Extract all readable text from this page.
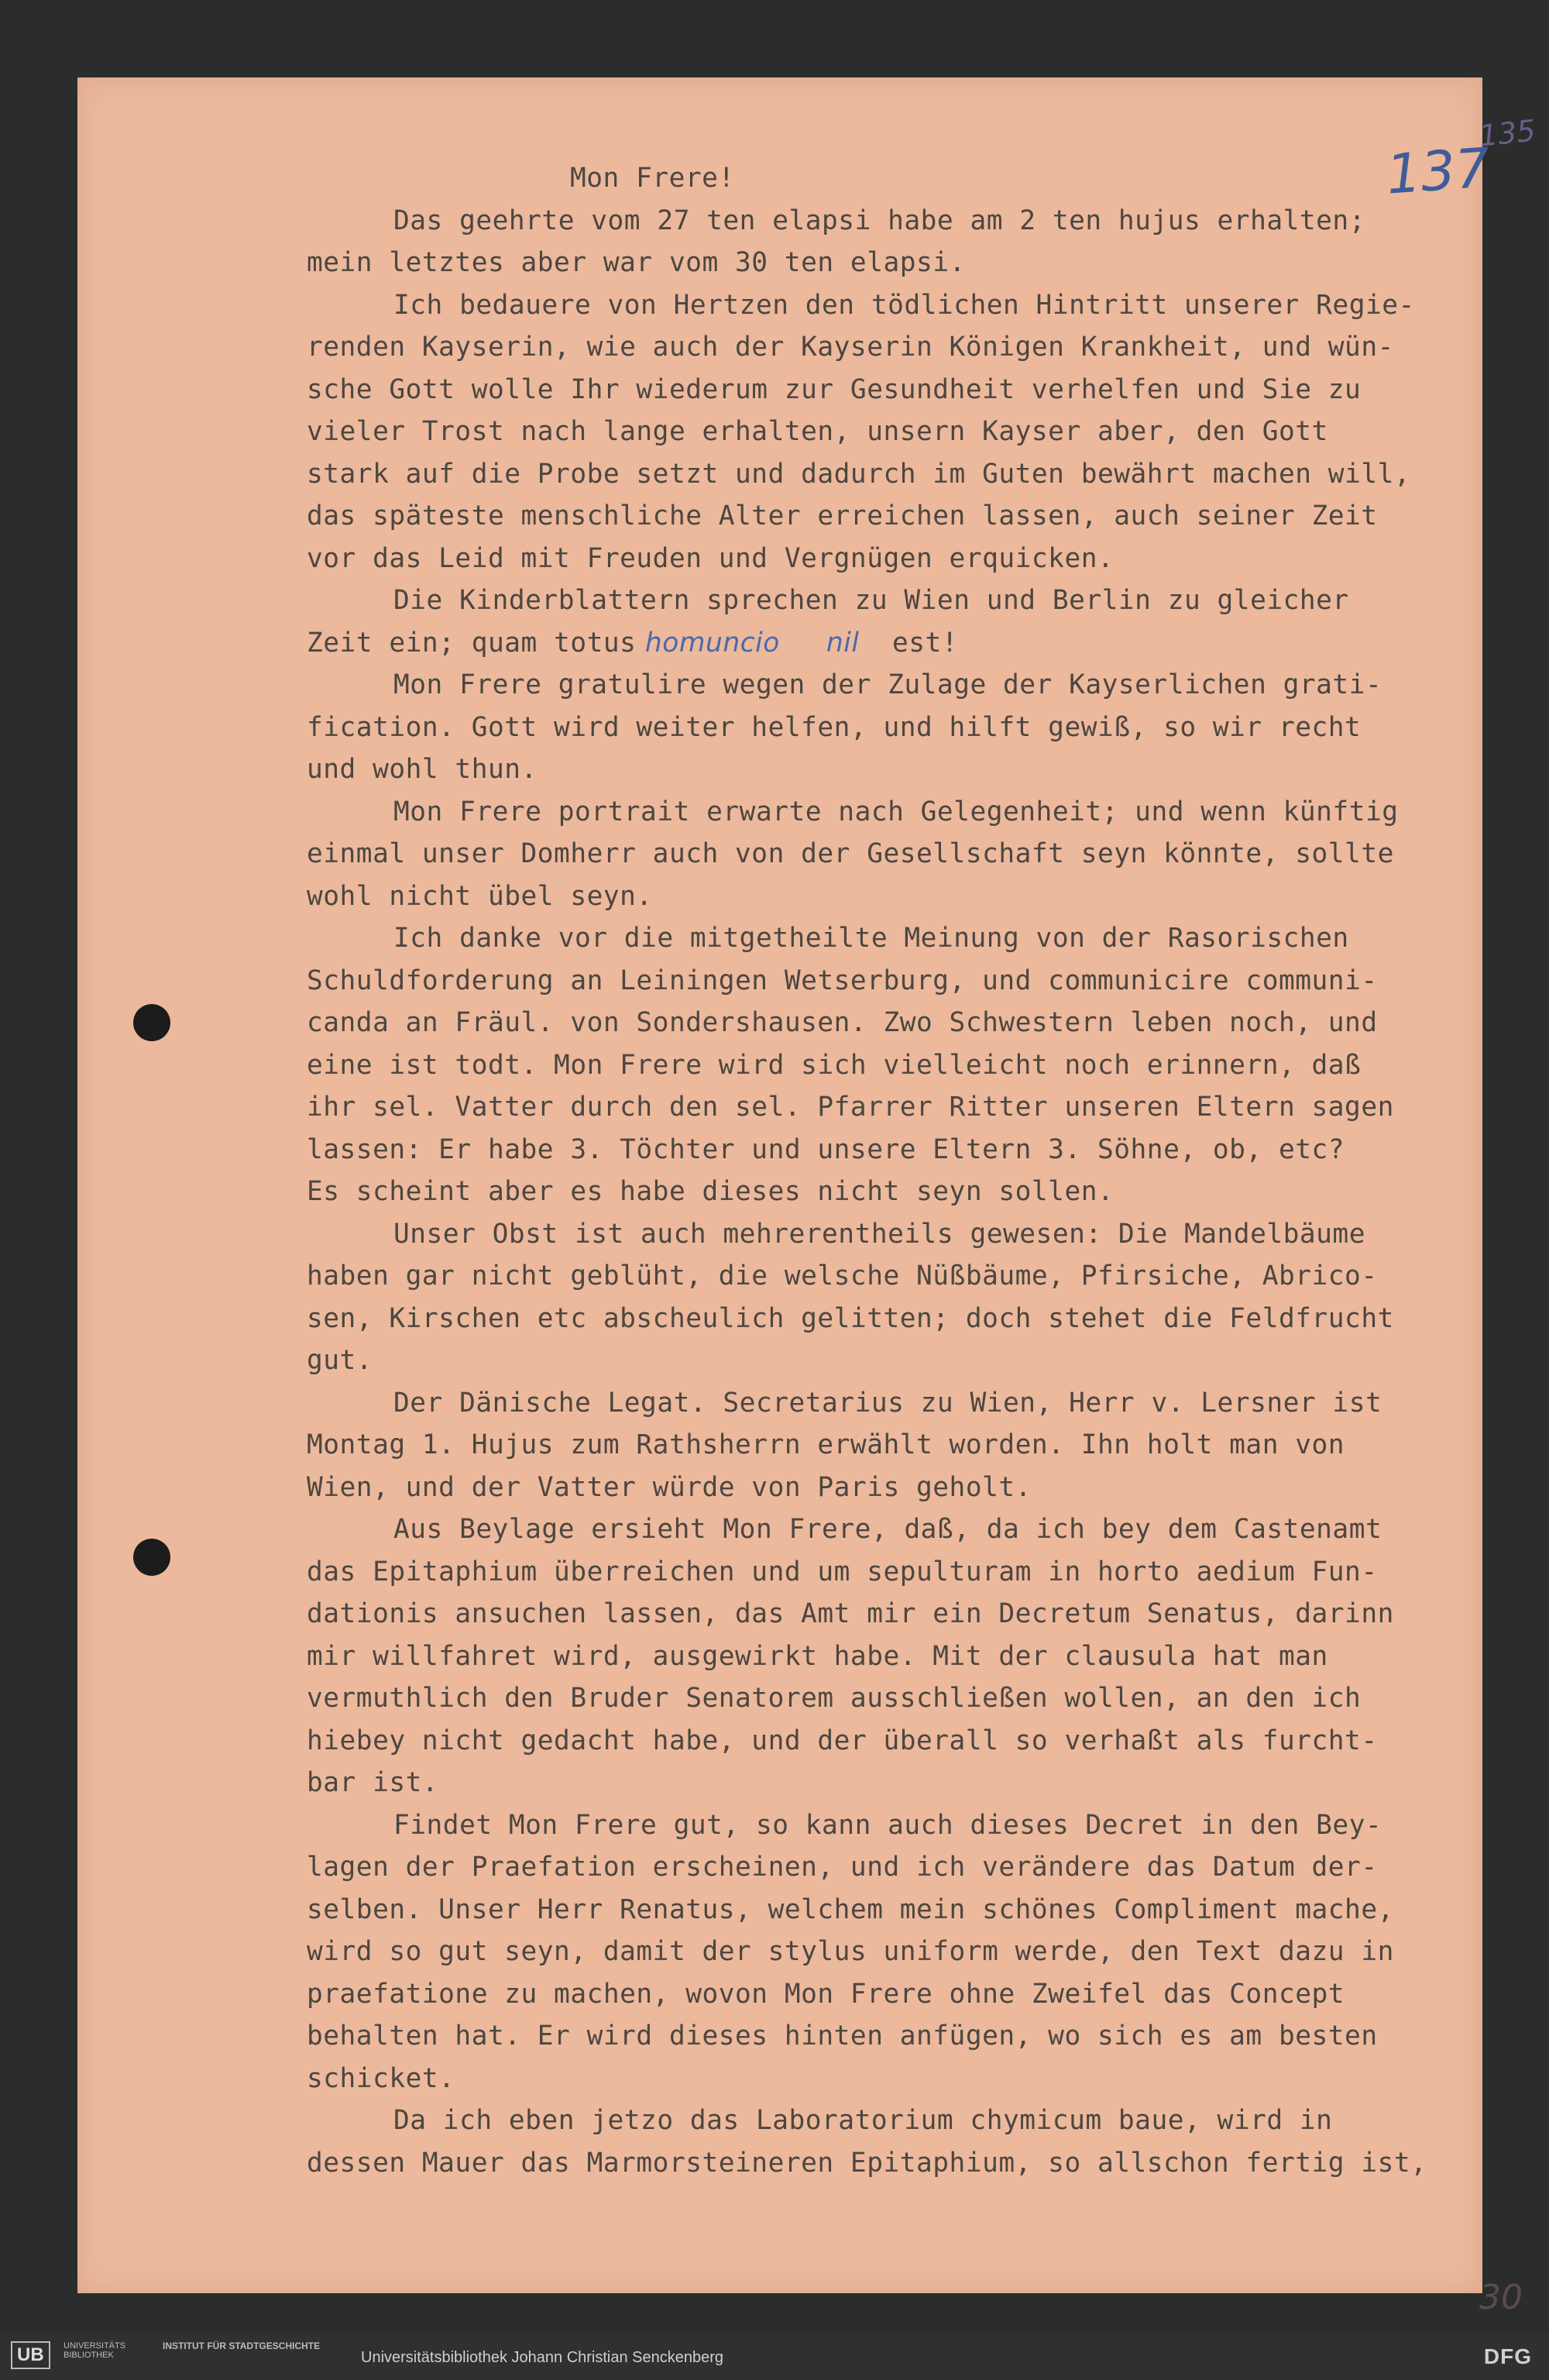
137
135
30
Mon Frere!
Das geehrte vom 27 ten elapsi habe am 2 ten hujus erhalten;
mein letztes aber war vom 30 ten elapsi.
Ich bedauere von Hertzen den tödlichen Hintritt unserer Regie-
renden Kayserin, wie auch der Kayserin Königen Krankheit, und wün-
sche Gott wolle Ihr wiederum zur Gesundheit verhelfen und Sie zu
vieler Trost nach lange erhalten, unsern Kayser aber, den Gott
stark auf die Probe setzt und dadurch im Guten bewährt machen will,
das späteste menschliche Alter erreichen lassen, auch seiner Zeit
vor das Leid mit Freuden und Vergnügen erquicken.
Die Kinderblattern sprechen zu Wien und Berlin zu gleicher
Zeit ein; quam totus homuncio nil  est!
Mon Frere gratulire wegen der Zulage der Kayserlichen grati-
fication. Gott wird weiter helfen, und hilft gewiß, so wir recht
und wohl thun.
Mon Frere portrait erwarte nach Gelegenheit; und wenn künftig
einmal unser Domherr auch von der Gesellschaft seyn könnte, sollte
wohl nicht übel seyn.
Ich danke vor die mitgetheilte Meinung von der Rasorischen
Schuldforderung an Leiningen Wetserburg, und communicire communi-
canda an Fräul. von Sondershausen. Zwo Schwestern leben noch, und
eine ist todt. Mon Frere wird sich vielleicht noch erinnern, daß
ihr sel. Vatter durch den sel. Pfarrer Ritter unseren Eltern sagen
lassen: Er habe 3. Töchter und unsere Eltern 3. Söhne, ob, etc?
Es scheint aber es habe dieses nicht seyn sollen.
Unser Obst ist auch mehrerentheils gewesen: Die Mandelbäume
haben gar nicht geblüht, die welsche Nüßbäume, Pfirsiche, Abrico-
sen, Kirschen etc abscheulich gelitten; doch stehet die Feldfrucht
gut.
Der Dänische Legat. Secretarius zu Wien, Herr v. Lersner ist
Montag 1. Hujus zum Rathsherrn erwählt worden. Ihn holt man von
Wien, und der Vatter würde von Paris geholt.
Aus Beylage ersieht Mon Frere, daß, da ich bey dem Castenamt
das Epitaphium überreichen und um sepulturam in horto aedium Fun-
dationis ansuchen lassen, das Amt mir ein Decretum Senatus, darinn
mir willfahret wird, ausgewirkt habe. Mit der clausula hat man
vermuthlich den Bruder Senatorem ausschließen wollen, an den ich
hiebey nicht gedacht habe, und der überall so verhaßt als furcht-
bar ist.
Findet Mon Frere gut, so kann auch dieses Decret in den Bey-
lagen der Praefation erscheinen, und ich verändere das Datum der-
selben. Unser Herr Renatus, welchem mein schönes Compliment mache,
wird so gut seyn, damit der stylus uniform werde, den Text dazu in
praefatione zu machen, wovon Mon Frere ohne Zweifel das Concept
behalten hat. Er wird dieses hinten anfügen, wo sich es am besten
schicket.
Da ich eben jetzo das Laboratorium chymicum baue, wird in
dessen Mauer das Marmorsteineren Epitaphium, so allschon fertig ist,
UB	UNIVERSITÄTS BIBLIOTHEK
INSTITUT FÜR STADTGESCHICHTE
Universitätsbibliothek Johann Christian Senckenberg	DFG
